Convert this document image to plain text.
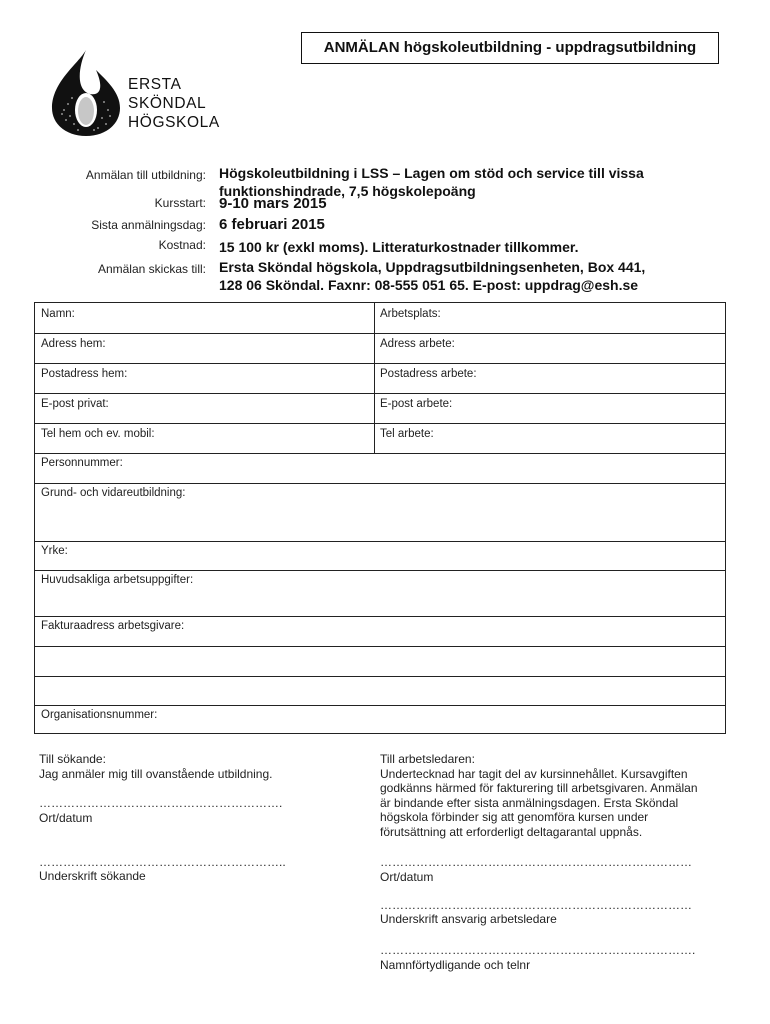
ANMÄLAN högskoleutbildning - uppdragsutbildning
ERSTA
SKÖNDAL
HÖGSKOLA
Anmälan till utbildning: Högskoleutbildning i LSS – Lagen om stöd och service till vissa
funktionshindrade, 7,5 högskolepoäng
Kursstart: 9-10 mars 2015
Sista anmälningsdag: 6 februari 2015
Kostnad: 15 100 kr (exkl moms). Litteraturkostnader tillkommer.
Anmälan skickas till: Ersta Sköndal högskola, Uppdragsutbildningsenheten, Box 441,
128 06 Sköndal. Faxnr: 08-555 051 65. E-post: uppdrag@esh.se
Namn:	Arbetsplats:
Adress hem:	Adress arbete:
Postadress hem:	Postadress arbete:
E-post privat:	E-post arbete:
Tel hem och ev. mobil:	Tel arbete:
Personnummer:
Grund- och vidareutbildning:
Yrke:
Huvudsakliga arbetsuppgifter:
Fakturaadress arbetsgivare:
Organisationsnummer:
Till sökande:
Jag anmäler mig till ovanstående utbildning.
…………………………………………………….
Ort/datum
……………………………………………………..
Underskrift sökande
Till arbetsledaren:
Undertecknad har tagit del av kursinnehållet. Kursavgiften
godkänns härmed för fakturering till arbetsgivaren. Anmälan
är bindande efter sista anmälningsdagen. Ersta Sköndal
högskola förbinder sig att genomföra kursen under
förutsättning att erforderligt deltagarantal uppnås.
……………………………………………………………………
Ort/datum
……………………………………………………………………
Underskrift ansvarig arbetsledare
…………………………………………………………………….
Namnförtydligande och telnr
